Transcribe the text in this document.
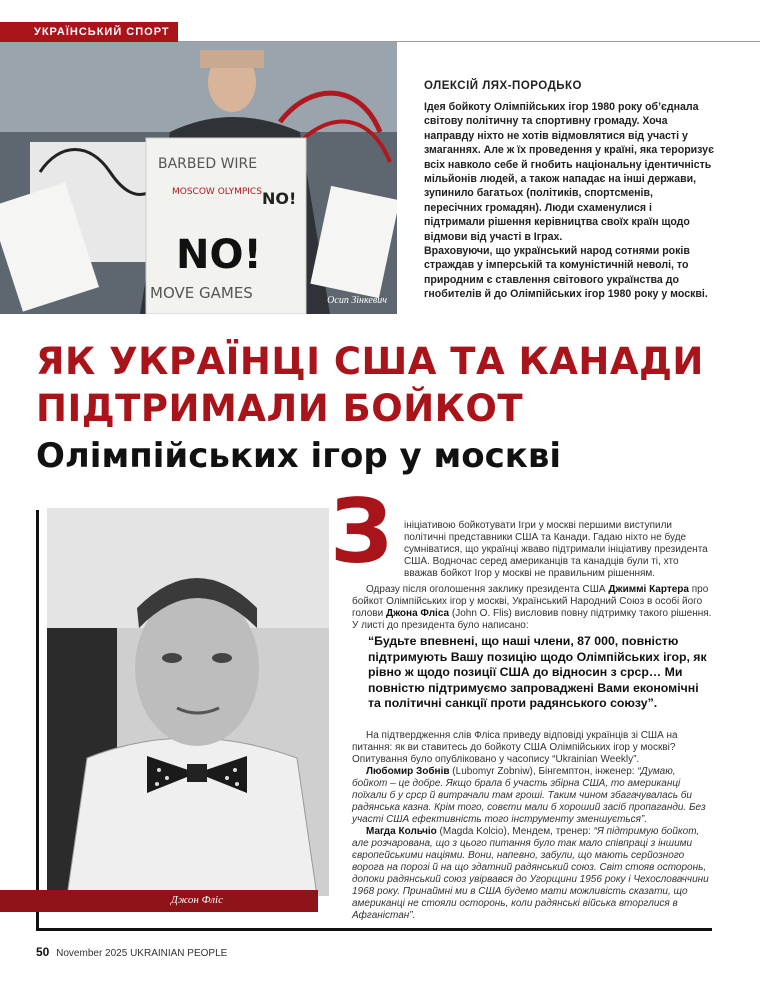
УКРАЇНСЬКИЙ СПОРТ
BARBED WIRE
MOSCOW OLYMPICS NO!
NO!
MOVE GAMES	Осип Зінкевич
ОЛЕКСІЙ ЛЯХ-ПОРОДЬКО

Ідея бойкоту Олімпійських ігор 1980 року об’єднала світову політичну та спортивну громаду. Хоча направду ніхто не хотів відмовлятися від участі у змаганнях. Але ж їх проведення у країні, яка тероризує всіх навколо себе й гнобить національну ідентичність мільйонів людей, а також нападає на інші держави, зупинило багатьох (політиків, спортсменів, пересічних громадян). Люди схаменулися і підтримали рішення керівництва своїх країн щодо відмови від участі в Іграх.

Враховуючи, що український народ сотнями років страждав у імперській та комуністичній неволі, то природним є ставлення світового українства до гнобителів й до Олімпійських ігор 1980 року у москві.

ЯК УКРАЇНЦІ США ТА КАНАДИ
ПІДТРИМАЛИ БОЙКОТ
Олімпійських ігор у москві
Джон Фліс
З ініціативою бойкотувати Ігри у москві першими виступили політичні представники США та Канади. Гадаю ніхто не буде сумніватися, що українці жваво підтримали ініціативу президента США. Водночас серед американців та канадців були ті, хто вважав бойкот Ігор у москві не правильним рішенням.

Одразу після оголошення заклику президента США Джиммі Картера про бойкот Олімпійських ігор у москві, Український Народний Союз в особі його голови Джона Фліса (John O. Flis) висловив повну підтримку такого рішення. У листі до президента було написано:

“Будьте впевнені, що наші члени, 87 000, повністю підтримують Вашу позицію щодо Олімпійських ігор, як рівно ж щодо позиції США до відносин з срср… Ми повністю підтримуємо запроваджені Вами економічні та політичні санкції проти радянського союзу”.

На підтвердження слів Фліса приведу відповіді українців зі США на питання: як ви ставитесь до бойкоту США Олімпійських ігор у москві? Опитування було опубліковано у часопису “Ukrainian Weekly”.

Любомир Зобнів (Lubomyr Zobniw), Бінгемптон, інженер: “Думаю, бойкот – це добре. Якщо брала б участь збірна США, то американці поїхали б у срср й витрачали там гроші. Таким чином збагачувалась би радянська казна. Крім того, совєти мали б хороший засіб пропаганди. Без участі США ефективність того інструменту зменшується”.

Магда Кольчіо (Magda Kolcio), Мендем, тренер: “Я підтримую бойкот, але розчарована, що з цього питання було так мало співпраці з іншими європейськими націями. Вони, напевно, забули, що мають серйозного ворога на порозі й на що здатний радянський союз. Світ стояв осторонь, допоки радянський союз увірвався до Угорщини 1956 року і Чехословаччини 1968 року. Принаймні ми в США будемо мати можливість сказати, що американці не стояли осторонь, коли радянські війська вторглися в Афганістан”.

50 November 2025 UKRAINIAN PEOPLE
